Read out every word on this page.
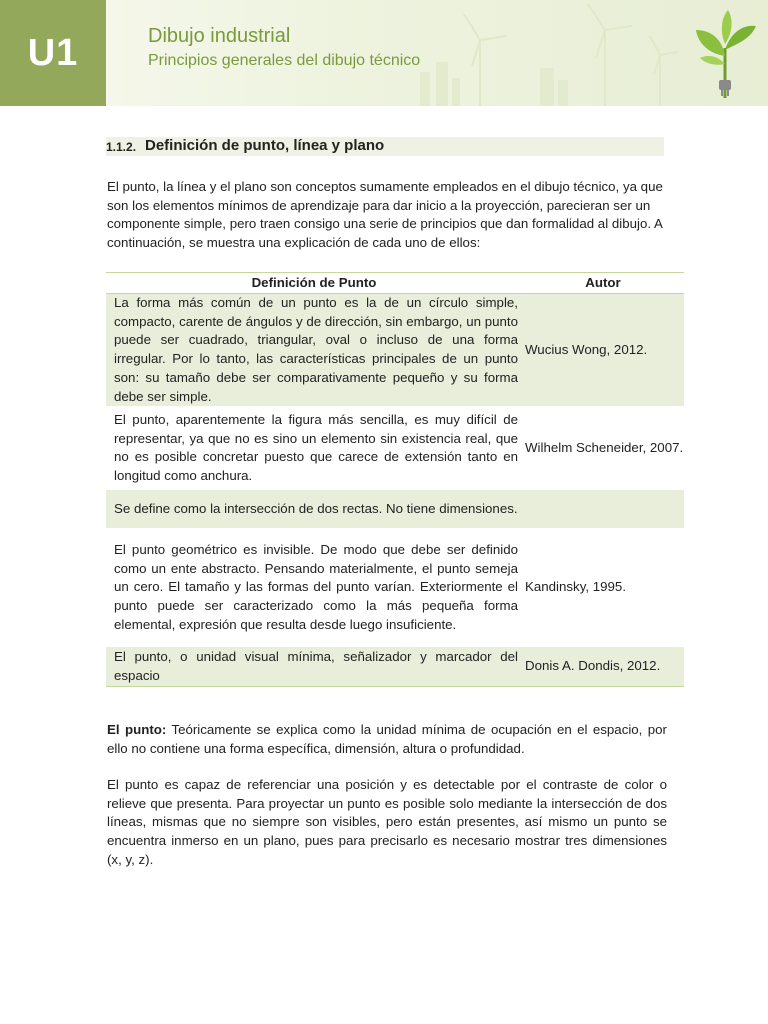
U1	Dibujo industrial
Principios generales del dibujo técnico
1.1.2. Definición de punto, línea y plano

El punto, la línea y el plano son conceptos sumamente empleados en el dibujo técnico, ya que son los elementos mínimos de aprendizaje para dar inicio a la proyección, parecieran ser un componente simple, pero traen consigo una serie de principios que dan formalidad al dibujo. A continuación, se muestra una explicación de cada uno de ellos:

Definición de Punto	Autor
La forma más común de un punto es la de un círculo simple, compacto, carente de ángulos y de dirección, sin embargo, un punto puede ser cuadrado, triangular, oval o incluso de una forma irregular. Por lo tanto, las características principales de un punto son: su tamaño debe ser comparativamente pequeño y su forma debe ser simple.	Wucius Wong, 2012.
El punto, aparentemente la figura más sencilla, es muy difícil de representar, ya que no es sino un elemento sin existencia real, que no es posible concretar puesto que carece de extensión tanto en longitud como anchura.	Wilhelm Scheneider, 2007.
Se define como la intersección de dos rectas. No tiene dimensiones.	
El punto geométrico es invisible. De modo que debe ser definido como un ente abstracto. Pensando materialmente, el punto semeja un cero. El tamaño y las formas del punto varían. Exteriormente el punto puede ser caracterizado como la más pequeña forma elemental, expresión que resulta desde luego insuficiente.	Kandinsky, 1995.
El punto, o unidad visual mínima, señalizador y marcador del espacio	Donis A. Dondis, 2012.

El punto: Teóricamente se explica como la unidad mínima de ocupación en el espacio, por ello no contiene una forma específica, dimensión, altura o profundidad.

El punto es capaz de referenciar una posición y es detectable por el contraste de color o relieve que presenta. Para proyectar un punto es posible solo mediante la intersección de dos líneas, mismas que no siempre son visibles, pero están presentes, así mismo un punto se encuentra inmerso en un plano, pues para precisarlo es necesario mostrar tres dimensiones (x, y, z).
